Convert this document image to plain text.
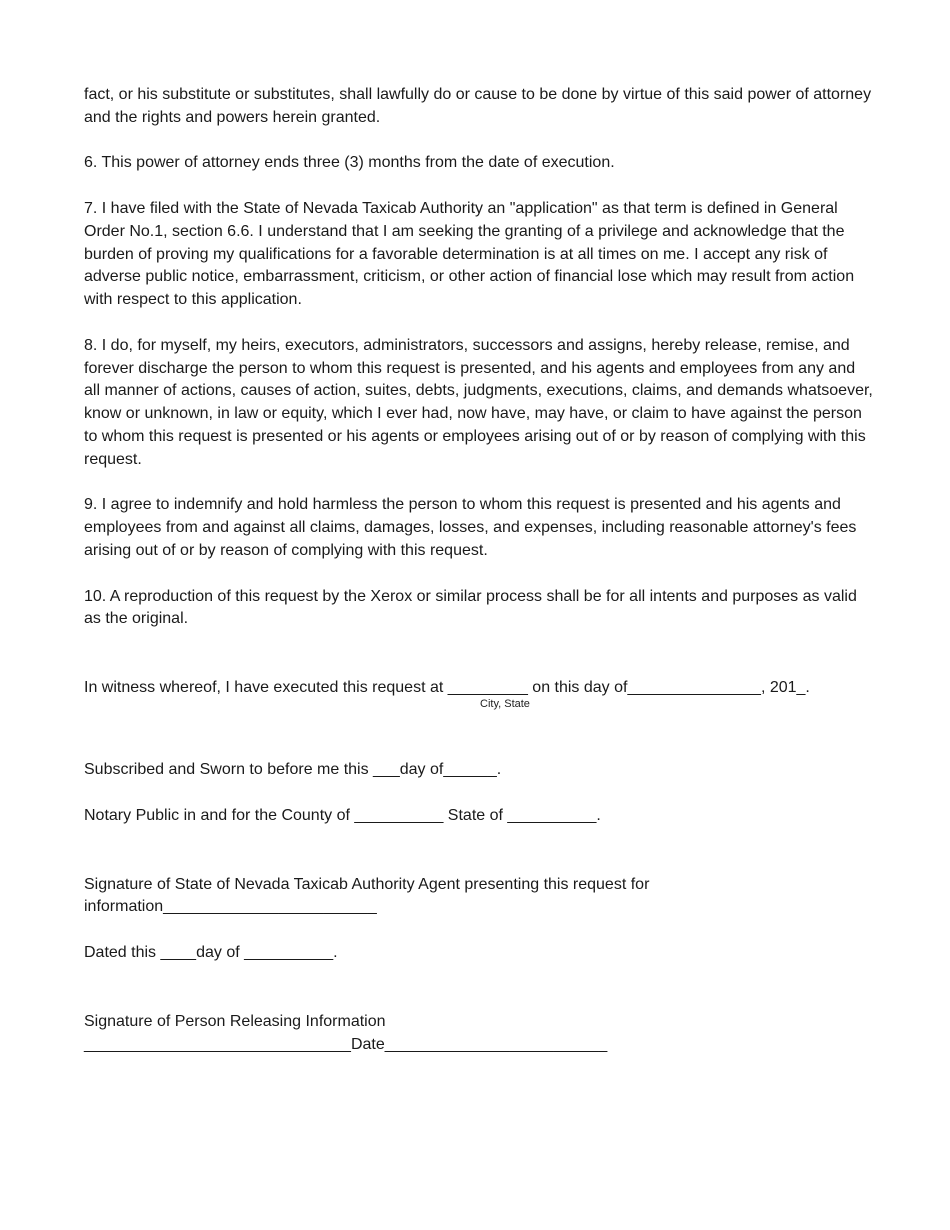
fact, or his substitute or substitutes, shall lawfully do or cause to be done by virtue of this said power of attorney and the rights and powers herein granted.

6. This power of attorney ends three (3) months from the date of execution.

7. I have filed with the State of Nevada Taxicab Authority an "application" as that term is defined in General Order No.1, section 6.6. I understand that I am seeking the granting of a privilege and acknowledge that the burden of proving my qualifications for a favorable determination is at all times on me. I accept any risk of adverse public notice, embarrassment, criticism, or other action of financial lose which may result from action with respect to this application.

8. I do, for myself, my heirs, executors, administrators, successors and assigns, hereby release, remise, and forever discharge the person to whom this request is presented, and his agents and employees from any and all manner of actions, causes of action, suites, debts, judgments, executions, claims, and demands whatsoever, know or unknown, in law or equity, which I ever had, now have, may have, or claim to have against the person to whom this request is presented or his agents or employees arising out of or by reason of complying with this request.

9. I agree to indemnify and hold harmless the person to whom this request is presented and his agents and employees from and against all claims, damages, losses, and expenses, including reasonable attorney's fees arising out of or by reason of complying with this request.

10. A reproduction of this request by the Xerox or similar process shall be for all intents and purposes as valid as the original.

In witness whereof, I have executed this request at _________ on this day of_______________, 201_.

City, State

Subscribed and Sworn to before me this ___day of______.

Notary Public in and for the County of __________ State of __________.

Signature of State of Nevada Taxicab Authority Agent presenting this request for

information________________________

Dated this ____day of __________.

Signature of Person Releasing Information

______________________________Date_________________________
